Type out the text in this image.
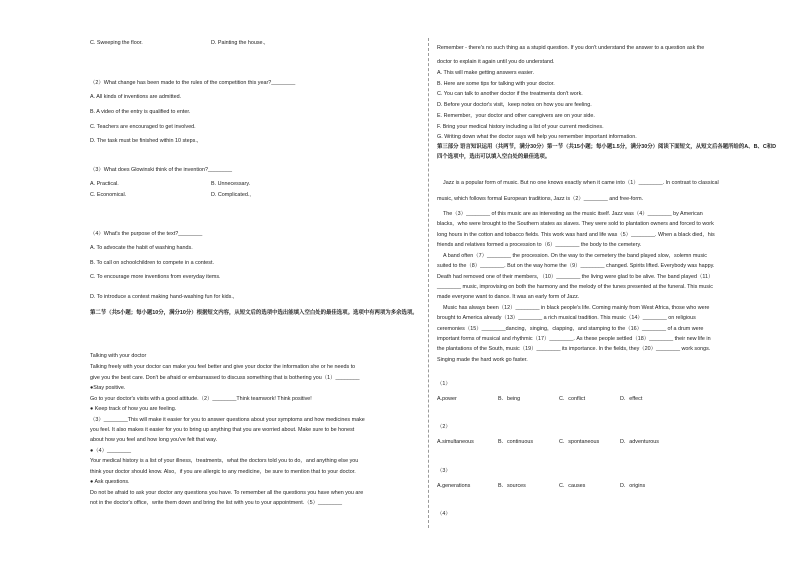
C. Sweeping the floor.	D. Painting the house.,
（2）What change has been made to the rules of the competition this year?________
A. All kinds of inventions are admitted.
B. A video of the entry is qualified to enter.
C. Teachers are encouraged to get involved.
D. The task must be finished within 10 steps.,
（3）What does Glowinski think of the invention?________
A. Practical.	B. Unnecessary.
C. Economical.	D. Complicated.,
（4）What's the purpose of the text?________
A. To advocate the habit of washing hands.
B. To call on schoolchildren to compete in a contest.
C. To encourage more inventions from everyday items.
D. To introduce a contest making hand-washing fun for kids.,
第二节（共5小题；每小题10分，满分10分）根据短文内容，从短文后的选项中选出能填入空白处的最佳选项。选项中有两项为多余选项。
Talking with your doctor
Talking freely with your doctor can make you feel better and give your doctor the information she or he needs to
give you the best care. Don't be afraid or embarrassed to discuss something that is bothering you（1）________
●Stay positive.
Go to your doctor's visits with a good attitude.（2）________Think teamwork! Think positive!
● Keep track of how you are feeling.
（3）________This will make it easier for you to answer questions about your symptoms and how medicines make
you feel. It also makes it easier for you to bring up anything that you are worried about. Make sure to be honest
about how you feel and how long you've felt that way.
●（4）________
Your medical history is a list of your illness，treatments，what the doctors told you to do，and anything else you
think your doctor should know. Also，if you are allergic to any medicine，be sure to mention that to your doctor.
● Ask questions.
Do not be afraid to ask your doctor any questions you have. To remember all the questions you have when you are
not in the doctor's office，write them down and bring the list with you to your appointment.（5）________
Remember - there's no such thing as a stupid question. If you don't understand the answer to a question ask the
doctor to explain it again until you do understand.
A. This will make getting answers easier.
B. Here are some tips for talking with your doctor.
C. You can talk to another doctor if the treatments don't work.
D. Before your doctor's visit，keep notes on how you are feeling.
E. Remember，your doctor and other caregivers are on your side.
F. Bring your medical history including a list of your current medicines.
G. Writing down what the doctor says will help you remember important information.
第三部分 语言知识运用（共两节，满分30分）第一节（共15小题；每小题1.5分，满分30分）阅读下面短文，从短文后各题所给的A、B、C和D四个选项中，选出可以填入空白处的最佳选项。
Jazz is a popular form of music. But no one knows exactly when it came into（1）________. In contrast to classical
music, which follows formal European traditions, Jazz is（2）________ and free-form.
The（3）________ of this music are as interesting as the music itself. Jazz was（4）________ by American
blacks，who were brought to the Southern states as slaves. They were sold to plantation owners and forced to work
long hours in the cotton and tobacco fields. This work was hard and life was（5）________. When a black died，his
friends and relatives formed a procession to（6）________ the body to the cemetery.
A band often（7）________ the procession. On the way to the cemetery the band played slow，solemn music
suited to the（8）________. But on the way home the（9）________ changed. Spirits lifted. Everybody was happy.
Death had removed one of their members，（10）________ the living were glad to be alive. The band played（11）
________ music, improvising on both the harmony and the melody of the tunes presented at the funeral. This music
made everyone want to dance. It was an early form of Jazz.
Music has always been（12）________ in black people's life. Coming mainly from West Africa, those who were
brought to America already（13）________ a rich musical tradition. This music（14）________ on religious
ceremonies（15）________dancing，singing，clapping，and stamping to the（16）________ of a drum were
important forms of musical and rhythmic（17）________. As these people settled（18）________ their new life in
the plantations of the South, music（19）________ its importance. In the fields, they（20）________ work songs.
Singing made the hard work go faster.
（1）
A.power	B．being	C．conflict	D．effect
（2）
A.simultaneous	B．continuous	C．spontaneous	D．adventurous
（3）
A.generations	B．sources	C．causes	D．origins
（4）
